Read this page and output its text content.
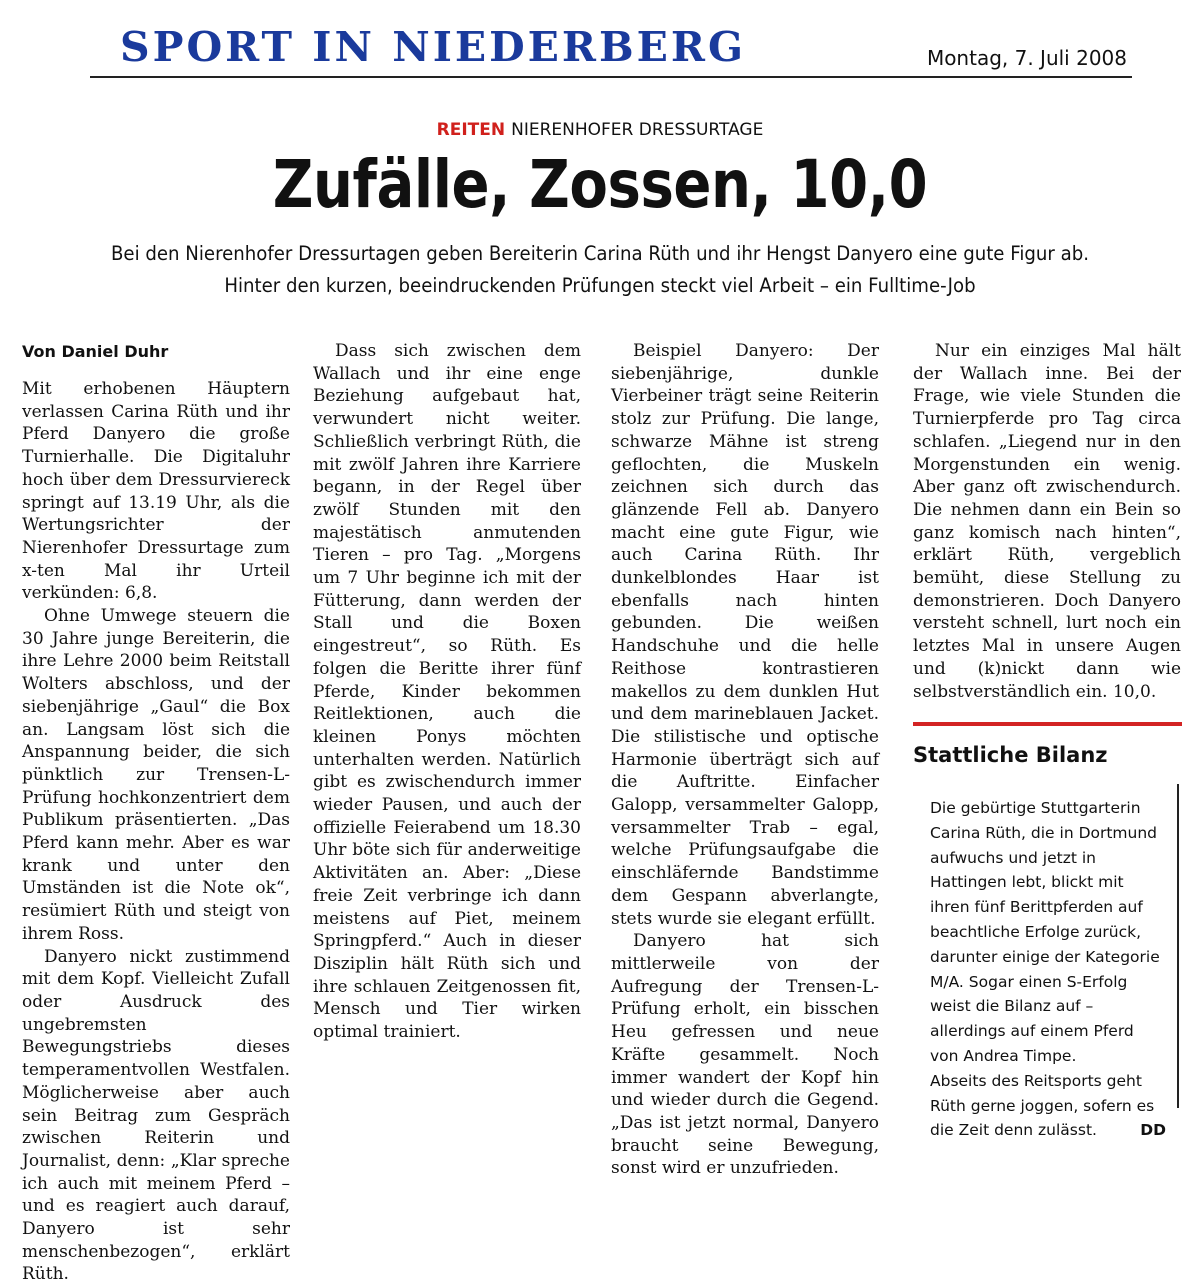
SPORT IN NIEDERBERG	Montag, 7. Juli 2008
REITEN NIERENHOFER DRESSURTAGE
Zufälle, Zossen, 10,0
Bei den Nierenhofer Dressurtagen geben Bereiterin Carina Rüth und ihr Hengst Danyero eine gute Figur ab.
Hinter den kurzen, beeindruckenden Prüfungen steckt viel Arbeit – ein Fulltime-Job

Von Daniel Duhr

Mit erhobenen Häuptern verlassen Carina Rüth und ihr Pferd Danyero die große Turnierhalle. Die Digitaluhr hoch über dem Dressurviereck springt auf 13.19 Uhr, als die Wertungsrichter der Nierenhofer Dressurtage zum x-ten Mal ihr Urteil verkünden: 6,8.

Ohne Umwege steuern die 30 Jahre junge Bereiterin, die ihre Lehre 2000 beim Reitstall Wolters abschloss, und der siebenjährige „Gaul“ die Box an. Langsam löst sich die Anspannung beider, die sich pünktlich zur Trensen-L-Prüfung hochkonzentriert dem Publikum präsentierten. „Das Pferd kann mehr. Aber es war krank und unter den Umständen ist die Note ok“, resümiert Rüth und steigt von ihrem Ross.

Danyero nickt zustimmend mit dem Kopf. Vielleicht Zufall oder Ausdruck des ungebremsten Bewegungstriebs dieses temperamentvollen Westfalen. Möglicherweise aber auch sein Beitrag zum Gespräch zwischen Reiterin und Journalist, denn: „Klar spreche ich auch mit meinem Pferd – und es reagiert auch darauf, Danyero ist sehr menschenbezogen“, erklärt Rüth.

Dass sich zwischen dem Wallach und ihr eine enge Beziehung aufgebaut hat, verwundert nicht weiter. Schließlich verbringt Rüth, die mit zwölf Jahren ihre Karriere begann, in der Regel über zwölf Stunden mit den majestätisch anmutenden Tieren – pro Tag. „Morgens um 7 Uhr beginne ich mit der Fütterung, dann werden der Stall und die Boxen eingestreut“, so Rüth. Es folgen die Beritte ihrer fünf Pferde, Kinder bekommen Reitlektionen, auch die kleinen Ponys möchten unterhalten werden. Natürlich gibt es zwischendurch immer wieder Pausen, und auch der offizielle Feierabend um 18.30 Uhr böte sich für anderweitige Aktivitäten an. Aber: „Diese freie Zeit verbringe ich dann meistens auf Piet, meinem Springpferd.“ Auch in dieser Disziplin hält Rüth sich und ihre schlauen Zeitgenossen fit, Mensch und Tier wirken optimal trainiert.

Beispiel Danyero: Der siebenjährige, dunkle Vierbeiner trägt seine Reiterin stolz zur Prüfung. Die lange, schwarze Mähne ist streng geflochten, die Muskeln zeichnen sich durch das glänzende Fell ab. Danyero macht eine gute Figur, wie auch Carina Rüth. Ihr dunkelblondes Haar ist ebenfalls nach hinten gebunden. Die weißen Handschuhe und die helle Reithose kontrastieren makellos zu dem dunklen Hut und dem marineblauen Jacket. Die stilistische und optische Harmonie überträgt sich auf die Auftritte. Einfacher Galopp, versammelter Galopp, versammelter Trab – egal, welche Prüfungsaufgabe die einschläfernde Bandstimme dem Gespann abverlangte, stets wurde sie elegant erfüllt.

Danyero hat sich mittlerweile von der Aufregung der Trensen-L-Prüfung erholt, ein bisschen Heu gefressen und neue Kräfte gesammelt. Noch immer wandert der Kopf hin und wieder durch die Gegend. „Das ist jetzt normal, Danyero braucht seine Bewegung, sonst wird er unzufrieden.

Nur ein einziges Mal hält der Wallach inne. Bei der Frage, wie viele Stunden die Turnierpferde pro Tag circa schlafen. „Liegend nur in den Morgenstunden ein wenig. Aber ganz oft zwischendurch. Die nehmen dann ein Bein so ganz komisch nach hinten“, erklärt Rüth, vergeblich bemüht, diese Stellung zu demonstrieren. Doch Danyero versteht schnell, lurt noch ein letztes Mal in unsere Augen und (k)nickt dann wie selbstverständlich ein. 10,0.

Stattliche Bilanz

Die gebürtige Stuttgarterin Carina Rüth, die in Dortmund aufwuchs und jetzt in Hattingen lebt, blickt mit ihren fünf Berittpferden auf beachtliche Erfolge zurück, darunter einige der Kategorie M/A. Sogar einen S-Erfolg weist die Bilanz auf – allerdings auf einem Pferd von Andrea Timpe.

Abseits des Reitsports geht Rüth gerne joggen, sofern es die Zeit denn zulässt.	DD
